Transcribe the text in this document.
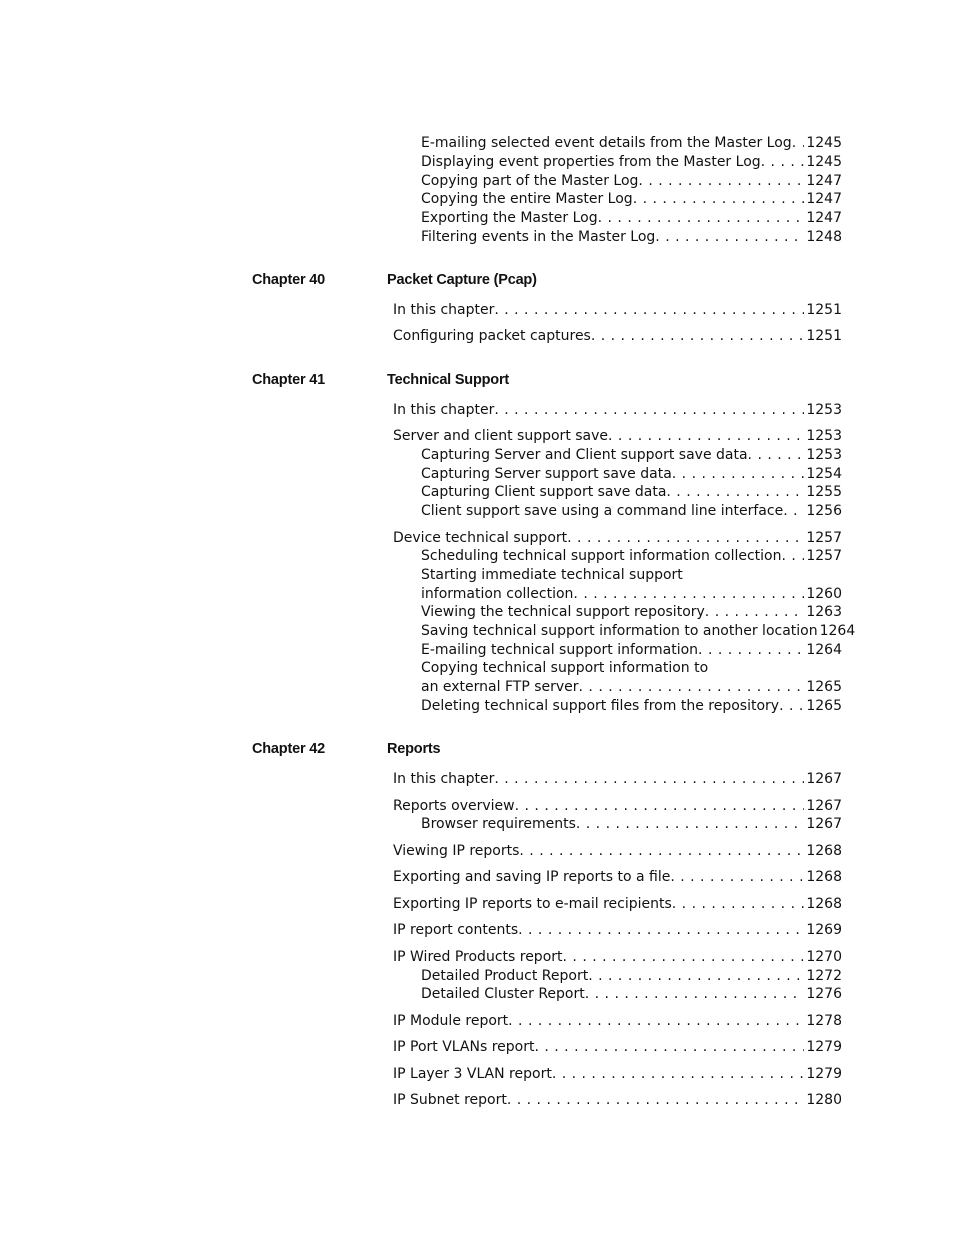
E-mailing selected event details from the Master Log . . . 1245
Displaying event properties from the Master Log . . .	1245
Copying part of the Master Log . . .	1247
Copying the entire Master Log . . .	1247
Exporting the Master Log . . .	1247
Filtering events in the Master Log . . .	1248
Chapter 40	Packet Capture (Pcap)
In this chapter . . .	1251
Configuring packet captures . . .	1251
Chapter 41	Technical Support
In this chapter . . .	1253
Server and client support save . . .	1253
Capturing Server and Client support save data . . .	1253
Capturing Server support save data . . .	1254
Capturing Client support save data . . .	1255
Client support save using a command line interface . . . 1256
Device technical support . . .	1257
Scheduling technical support information collection . . . 1257
Starting immediate technical support
information collection . . .	1260
Viewing the technical support repository . . .	1263
Saving technical support information to another location 1264
E-mailing technical support information . . .	1264
Copying technical support information to
an external FTP server . . .	1265
Deleting technical support files from the repository . . . 1265
Chapter 42	Reports
In this chapter . . .	1267
Reports overview . . .	1267
Browser requirements . . .	1267
Viewing IP reports . . .	1268
Exporting and saving IP reports to a file . . .	1268
Exporting IP reports to e-mail recipients . . .	1268
IP report contents . . .	1269
IP Wired Products report . . .	1270
Detailed Product Report . . .	1272
Detailed Cluster Report . . .	1276
IP Module report . . .	1278
IP Port VLANs report . . .	1279
IP Layer 3 VLAN report . . .	1279
IP Subnet report . . .	1280
